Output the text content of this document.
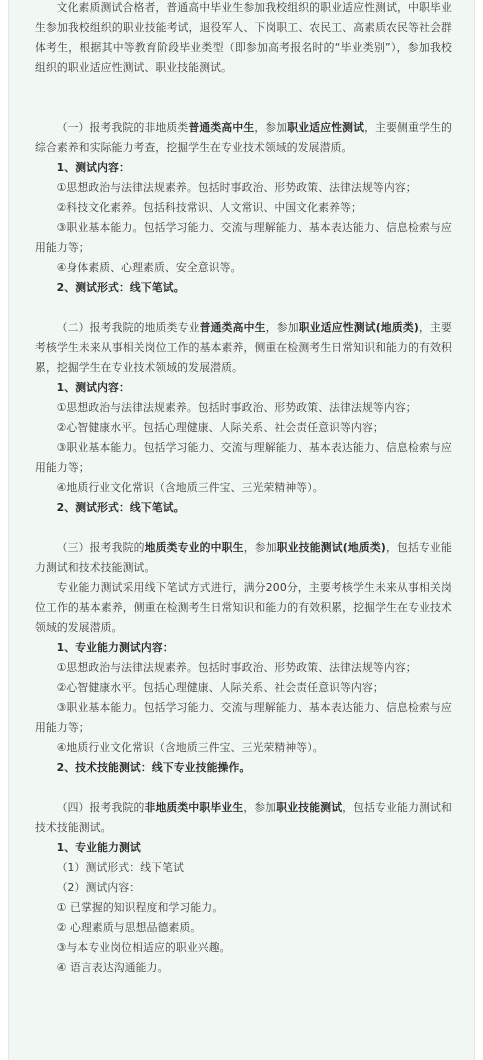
文化素质测试合格者，普通高中毕业生参加我校组织的职业适应性测试，中职毕业生参加我校组织的职业技能考试，退役军人、下岗职工、农民工、高素质农民等社会群体考生，根据其中等教育阶段毕业类型（即参加高考报名时的“毕业类别”），参加我校组织的职业适应性测试、职业技能测试。

（一）报考我院的非地质类普通类高中生，参加职业适应性测试，主要侧重学生的综合素养和实际能力考查，挖掘学生在专业技术领域的发展潜质。

1、测试内容：

①思想政治与法律法规素养。包括时事政治、形势政策、法律法规等内容；

②科技文化素养。包括科技常识、人文常识、中国文化素养等；

③职业基本能力。包括学习能力、交流与理解能力、基本表达能力、信息检索与应用能力等；

④身体素质、心理素质、安全意识等。

2、测试形式：线下笔试。

（二）报考我院的地质类专业普通类高中生，参加职业适应性测试(地质类)，主要考核学生未来从事相关岗位工作的基本素养，侧重在检测考生日常知识和能力的有效积累，挖掘学生在专业技术领域的发展潜质。

1、测试内容：

①思想政治与法律法规素养。包括时事政治、形势政策、法律法规等内容；

②心智健康水平。包括心理健康、人际关系、社会责任意识等内容；

③职业基本能力。包括学习能力、交流与理解能力、基本表达能力、信息检索与应用能力等；

④地质行业文化常识（含地质三件宝、三光荣精神等）。

2、测试形式：线下笔试。

（三）报考我院的地质类专业的中职生，参加职业技能测试(地质类)，包括专业能力测试和技术技能测试。

专业能力测试采用线下笔试方式进行，满分200分，主要考核学生未来从事相关岗位工作的基本素养，侧重在检测考生日常知识和能力的有效积累，挖掘学生在专业技术领域的发展潜质。

1、专业能力测试内容：

①思想政治与法律法规素养。包括时事政治、形势政策、法律法规等内容；

②心智健康水平。包括心理健康、人际关系、社会责任意识等内容；

③职业基本能力。包括学习能力、交流与理解能力、基本表达能力、信息检索与应用能力等；

④地质行业文化常识（含地质三件宝、三光荣精神等）。

2、技术技能测试：线下专业技能操作。

（四）报考我院的非地质类中职毕业生，参加职业技能测试，包括专业能力测试和技术技能测试。

1、专业能力测试

（1）测试形式：线下笔试

（2）测试内容：

① 已掌握的知识程度和学习能力。

② 心理素质与思想品德素质。

③与本专业岗位相适应的职业兴趣。

④ 语言表达沟通能力。
